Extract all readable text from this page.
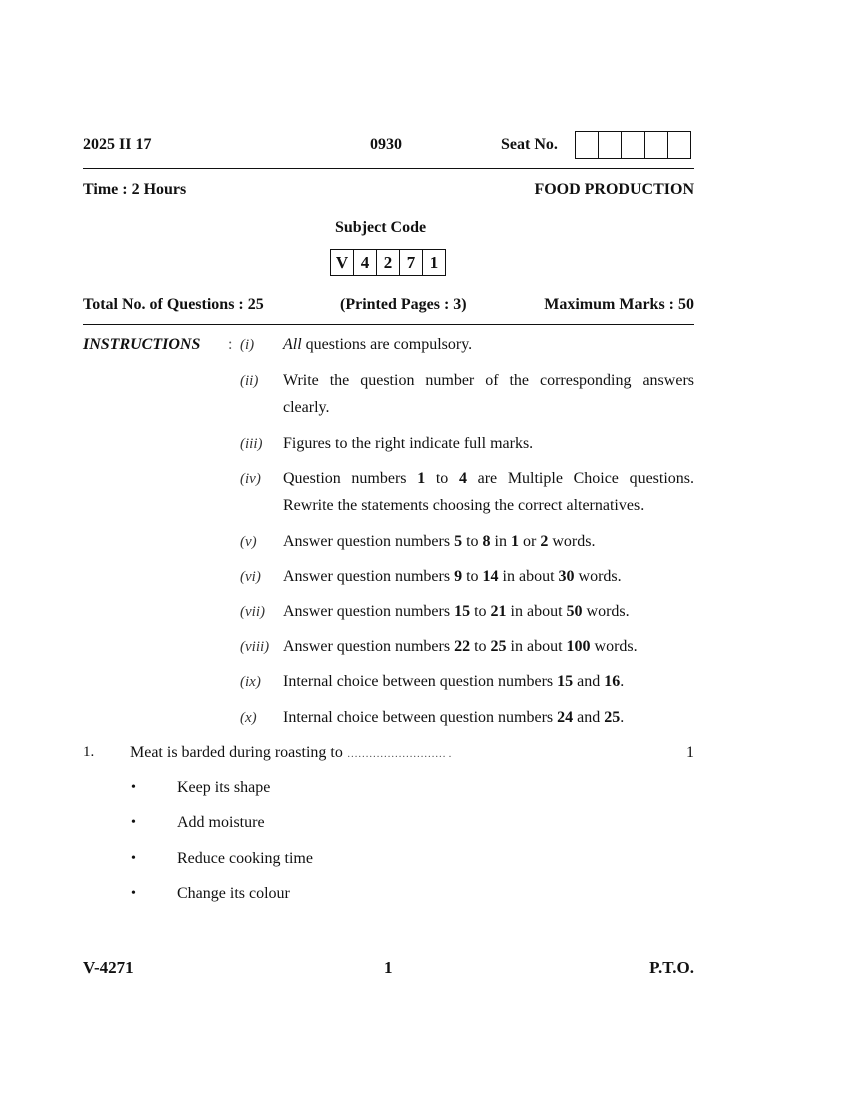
2025 II 17	0930	Seat No.
Time : 2 Hours	FOOD PRODUCTION
Subject Code
V 4 2 7 1
Total No. of Questions : 25	(Printed Pages : 3)	Maximum Marks : 50
INSTRUCTIONS : (i) All questions are compulsory.
(ii) Write the question number of the corresponding answers clearly.
(iii) Figures to the right indicate full marks.
(iv) Question numbers 1 to 4 are Multiple Choice questions. Rewrite the statements choosing the correct alternatives.
(v) Answer question numbers 5 to 8 in 1 or 2 words.
(vi) Answer question numbers 9 to 14 in about 30 words.
(vii) Answer question numbers 15 to 21 in about 50 words.
(viii) Answer question numbers 22 to 25 in about 100 words.
(ix) Internal choice between question numbers 15 and 16.
(x) Internal choice between question numbers 24 and 25.
1. Meat is barded during roasting to ……………………… .	1
•	Keep its shape
•	Add moisture
•	Reduce cooking time
•	Change its colour
V-4271	1	P.T.O.
